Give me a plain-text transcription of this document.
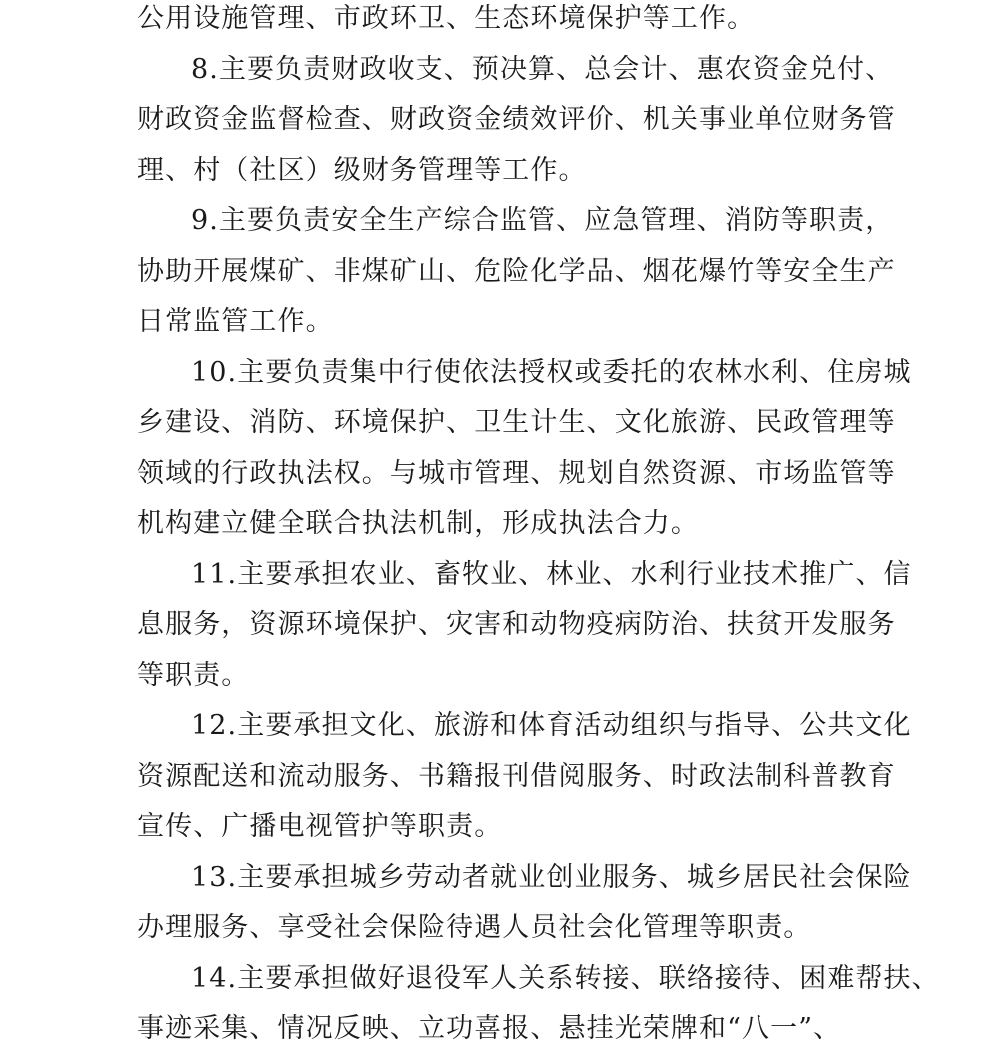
公用设施管理、市政环卫、生态环境保护等工作。
8.主要负责财政收支、预决算、总会计、惠农资金兑付、
财政资金监督检查、财政资金绩效评价、机关事业单位财务管
理、村（社区）级财务管理等工作。
9.主要负责安全生产综合监管、应急管理、消防等职责，
协助开展煤矿、非煤矿山、危险化学品、烟花爆竹等安全生产
日常监管工作。
10.主要负责集中行使依法授权或委托的农林水利、住房城
乡建设、消防、环境保护、卫生计生、文化旅游、民政管理等
领域的行政执法权。与城市管理、规划自然资源、市场监管等
机构建立健全联合执法机制，形成执法合力。
11.主要承担农业、畜牧业、林业、水利行业技术推广、信
息服务，资源环境保护、灾害和动物疫病防治、扶贫开发服务
等职责。
12.主要承担文化、旅游和体育活动组织与指导、公共文化
资源配送和流动服务、书籍报刊借阅服务、时政法制科普教育
宣传、广播电视管护等职责。
13.主要承担城乡劳动者就业创业服务、城乡居民社会保险
办理服务、享受社会保险待遇人员社会化管理等职责。
14.主要承担做好退役军人关系转接、联络接待、困难帮扶、
事迹采集、情况反映、立功喜报、悬挂光荣牌和“八一”、
